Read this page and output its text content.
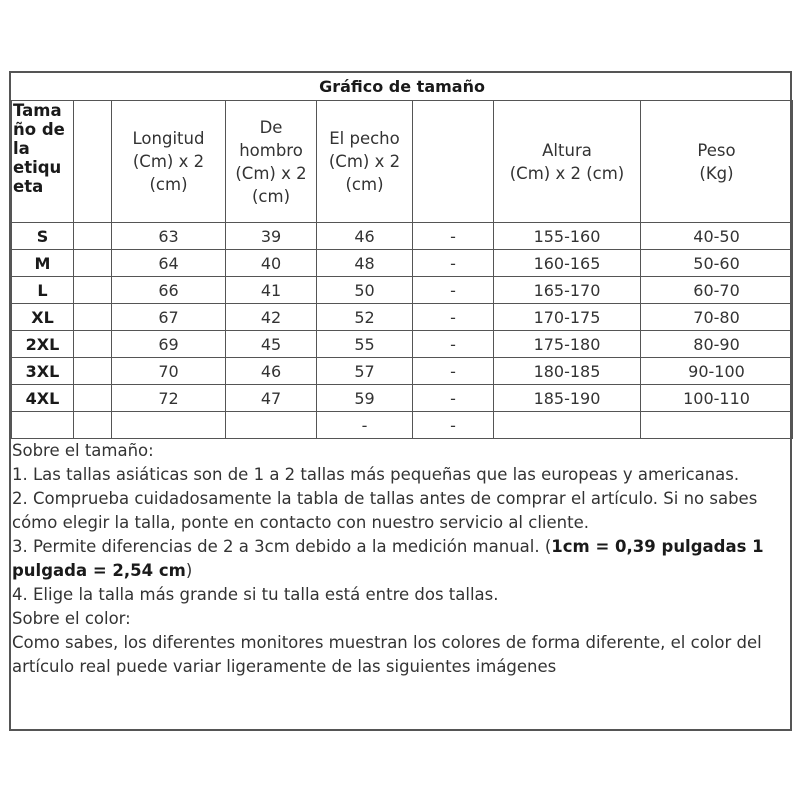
Gráfico de tamaño							
Tama
ño de
la
etiqu
eta		Longitud
(Cm) x 2
(cm)	De
hombro
(Cm) x 2
(cm)	El pecho
(Cm) x 2
(cm)		Altura
(Cm) x 2 (cm)	Peso
(Kg)
S		63	39	46	-	155-160	40-50
M		64	40	48	-	160-165	50-60
L		66	41	50	-	165-170	60-70
XL		67	42	52	-	170-175	70-80
2XL		69	45	55	-	175-180	80-90
3XL		70	46	57	-	180-185	90-100
4XL		72	47	59	-	185-190	100-110
				-	-		
Sobre el tamaño:
1. Las tallas asiáticas son de 1 a 2 tallas más pequeñas que las europeas y americanas.
2. Comprueba cuidadosamente la tabla de tallas antes de comprar el artículo. Si no sabes cómo elegir la talla, ponte en contacto con nuestro servicio al cliente.
3. Permite diferencias de 2 a 3cm debido a la medición manual. (1cm = 0,39 pulgadas 1 pulgada = 2,54 cm)
4. Elige la talla más grande si tu talla está entre dos tallas.
Sobre el color:
Como sabes, los diferentes monitores muestran los colores de forma diferente, el color del artículo real puede variar ligeramente de las siguientes imágenes
